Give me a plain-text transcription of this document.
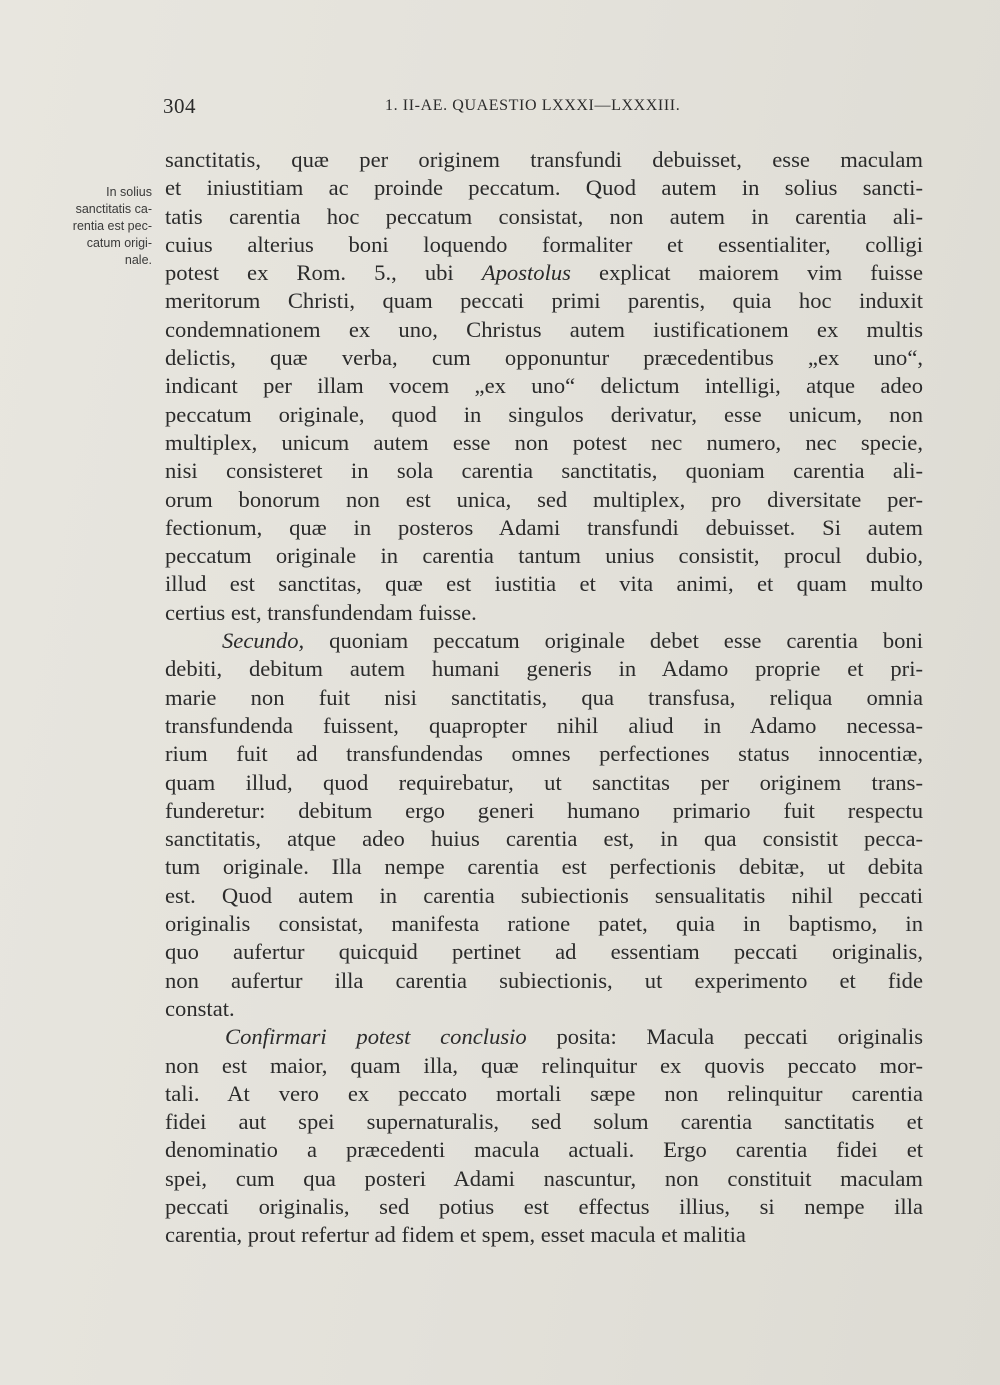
304	1. II-AE. QUAESTIO LXXXI—LXXXIII.
In solius
sanctitatis ca-
rentia est pec-
catum origi-
nale.
sanctitatis, quæ per originem transfundi debuisset, esse maculam
et iniustitiam ac proinde peccatum. Quod autem in solius sancti-
tatis carentia hoc peccatum consistat, non autem in carentia ali-
cuius alterius boni loquendo formaliter et essentialiter, colligi
potest ex Rom. 5., ubi Apostolus explicat maiorem vim fuisse
meritorum Christi, quam peccati primi parentis, quia hoc induxit
condemnationem ex uno, Christus autem iustificationem ex multis
delictis, quæ verba, cum opponuntur præcedentibus „ex uno“,
indicant per illam vocem „ex uno“ delictum intelligi, atque adeo
peccatum originale, quod in singulos derivatur, esse unicum, non
multiplex, unicum autem esse non potest nec numero, nec specie,
nisi consisteret in sola carentia sanctitatis, quoniam carentia ali-
orum bonorum non est unica, sed multiplex, pro diversitate per-
fectionum, quæ in posteros Adami transfundi debuisset. Si autem
peccatum originale in carentia tantum unius consistit, procul dubio,
illud est sanctitas, quæ est iustitia et vita animi, et quam multo
certius est, transfundendam fuisse.
Secundo, quoniam peccatum originale debet esse carentia boni
debiti, debitum autem humani generis in Adamo proprie et pri-
marie non fuit nisi sanctitatis, qua transfusa, reliqua omnia
transfundenda fuissent, quapropter nihil aliud in Adamo necessa-
rium fuit ad transfundendas omnes perfectiones status innocentiæ,
quam illud, quod requirebatur, ut sanctitas per originem trans-
funderetur: debitum ergo generi humano primario fuit respectu
sanctitatis, atque adeo huius carentia est, in qua consistit pecca-
tum originale. Illa nempe carentia est perfectionis debitæ, ut debita
est. Quod autem in carentia subiectionis sensualitatis nihil peccati
originalis consistat, manifesta ratione patet, quia in baptismo, in
quo aufertur quicquid pertinet ad essentiam peccati originalis,
non aufertur illa carentia subiectionis, ut experimento et fide
constat.
Confirmari potest conclusio posita: Macula peccati originalis
non est maior, quam illa, quæ relinquitur ex quovis peccato mor-
tali. At vero ex peccato mortali sæpe non relinquitur carentia
fidei aut spei supernaturalis, sed solum carentia sanctitatis et
denominatio a præcedenti macula actuali. Ergo carentia fidei et
spei, cum qua posteri Adami nascuntur, non constituit maculam
peccati originalis, sed potius est effectus illius, si nempe illa
carentia, prout refertur ad fidem et spem, esset macula et malitia
